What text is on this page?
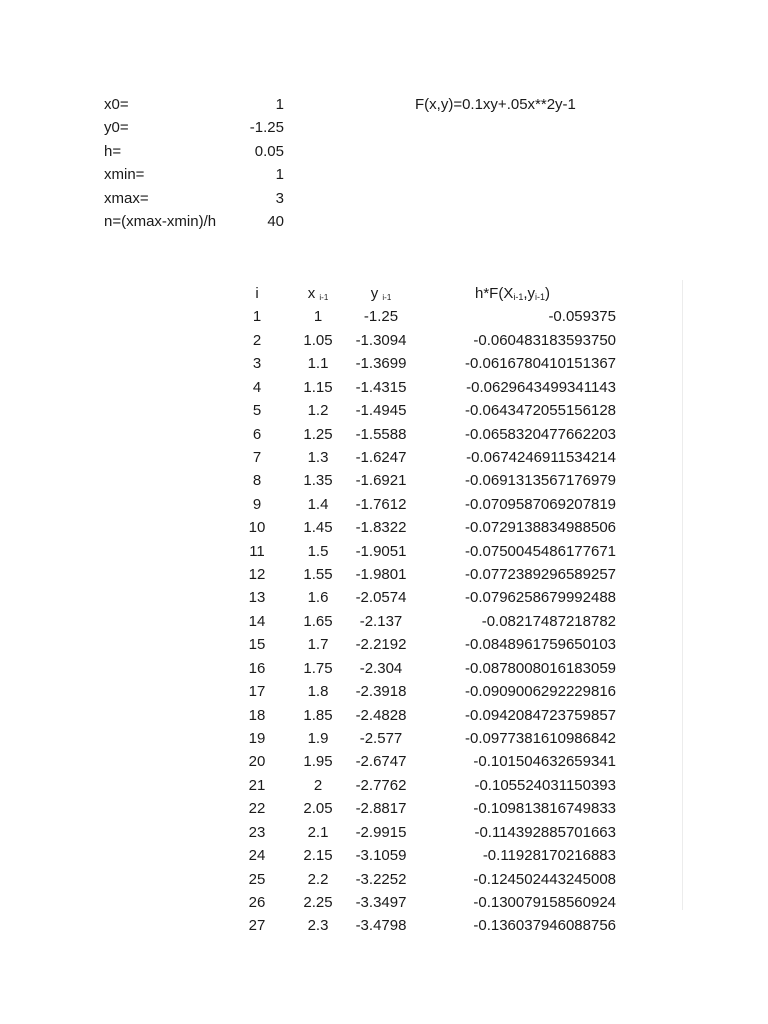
x0=	1
y0=	-1.25
h=	0.05
xmin=	1
xmax=	3
n=(xmax-xmin)/h	40
F(x,y)=0.1xy+.05x**2y-1
i	x $_{i-1}$	y $_{i-1}$	h*F(Xi-1,yi-1)
1	1	-1.25	-0.059375
2	1.05	-1.3094	-0.060483183593750
3	1.1	-1.3699	-0.0616780410151367
4	1.15	-1.4315	-0.0629643499341143
5	1.2	-1.4945	-0.0643472055156128
6	1.25	-1.5588	-0.0658320477662203
7	1.3	-1.6247	-0.0674246911534214
8	1.35	-1.6921	-0.0691313567176979
9	1.4	-1.7612	-0.0709587069207819
10	1.45	-1.8322	-0.0729138834988506
11	1.5	-1.9051	-0.0750045486177671
12	1.55	-1.9801	-0.0772389296589257
13	1.6	-2.0574	-0.0796258679992488
14	1.65	-2.137	-0.08217487218782
15	1.7	-2.2192	-0.0848961759650103
16	1.75	-2.304	-0.0878008016183059
17	1.8	-2.3918	-0.0909006292229816
18	1.85	-2.4828	-0.0942084723759857
19	1.9	-2.577	-0.0977381610986842
20	1.95	-2.6747	-0.101504632659341
21	2	-2.7762	-0.105524031150393
22	2.05	-2.8817	-0.109813816749833
23	2.1	-2.9915	-0.114392885701663
24	2.15	-3.1059	-0.11928170216883
25	2.2	-3.2252	-0.124502443245008
26	2.25	-3.3497	-0.130079158560924
27	2.3	-3.4798	-0.136037946088756
